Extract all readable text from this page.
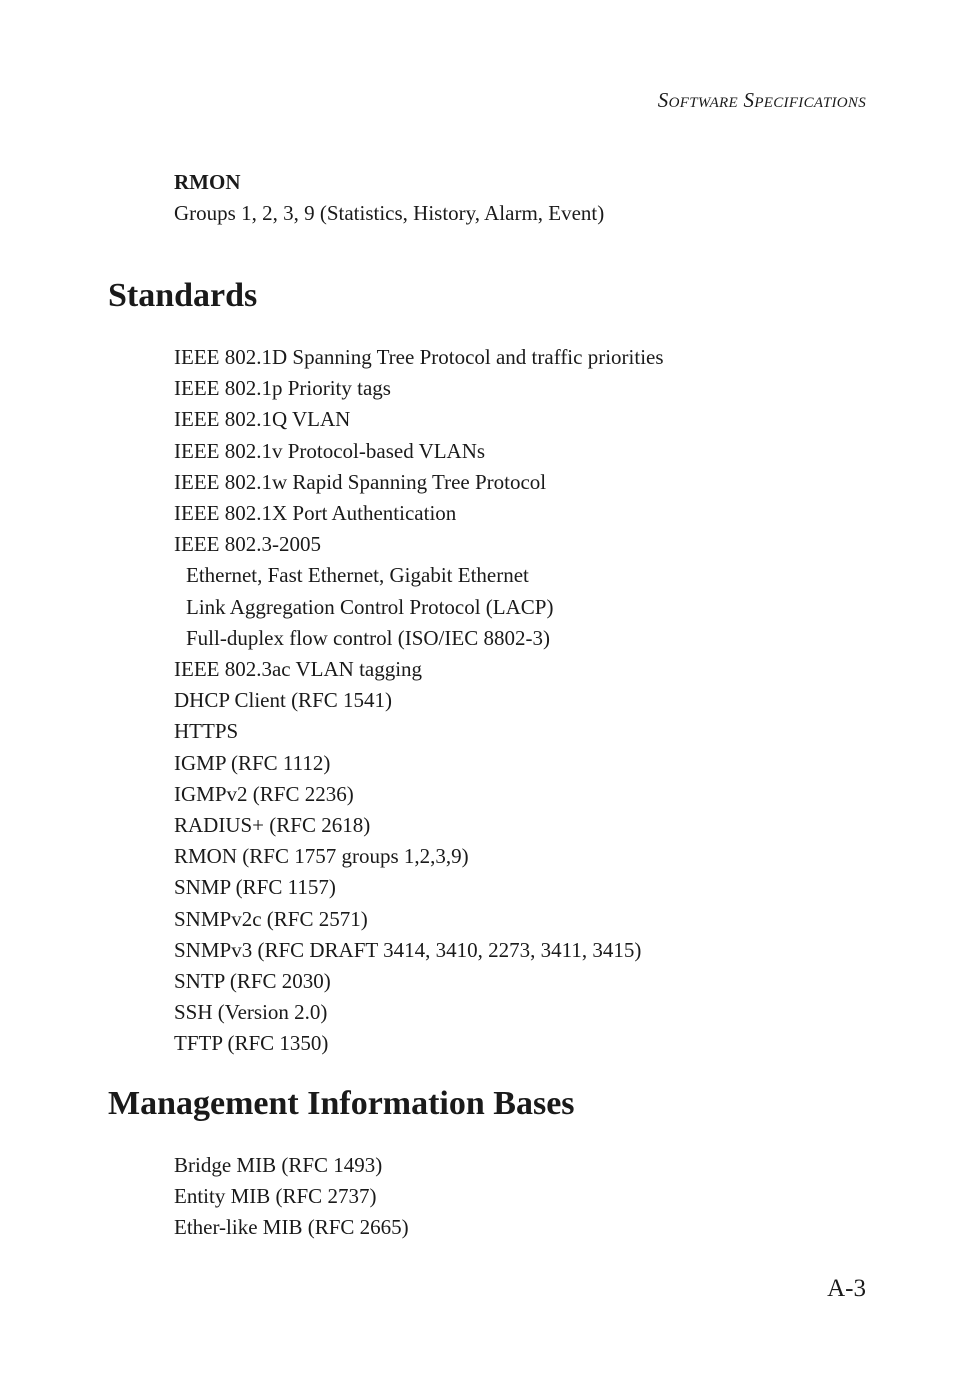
Software Specifications
RMON
Groups 1, 2, 3, 9 (Statistics, History, Alarm, Event)
Standards
IEEE 802.1D Spanning Tree Protocol and traffic priorities
IEEE 802.1p Priority tags
IEEE 802.1Q VLAN
IEEE 802.1v Protocol-based VLANs
IEEE 802.1w Rapid Spanning Tree Protocol
IEEE 802.1X Port Authentication
IEEE 802.3-2005
Ethernet, Fast Ethernet, Gigabit Ethernet
Link Aggregation Control Protocol (LACP)
Full-duplex flow control (ISO/IEC 8802-3)
IEEE 802.3ac VLAN tagging
DHCP Client (RFC 1541)
HTTPS
IGMP (RFC 1112)
IGMPv2 (RFC 2236)
RADIUS+ (RFC 2618)
RMON (RFC 1757 groups 1,2,3,9)
SNMP (RFC 1157)
SNMPv2c (RFC 2571)
SNMPv3 (RFC DRAFT 3414, 3410, 2273, 3411, 3415)
SNTP (RFC 2030)
SSH (Version 2.0)
TFTP (RFC 1350)
Management Information Bases
Bridge MIB (RFC 1493)
Entity MIB (RFC 2737)
Ether-like MIB (RFC 2665)
A-3
